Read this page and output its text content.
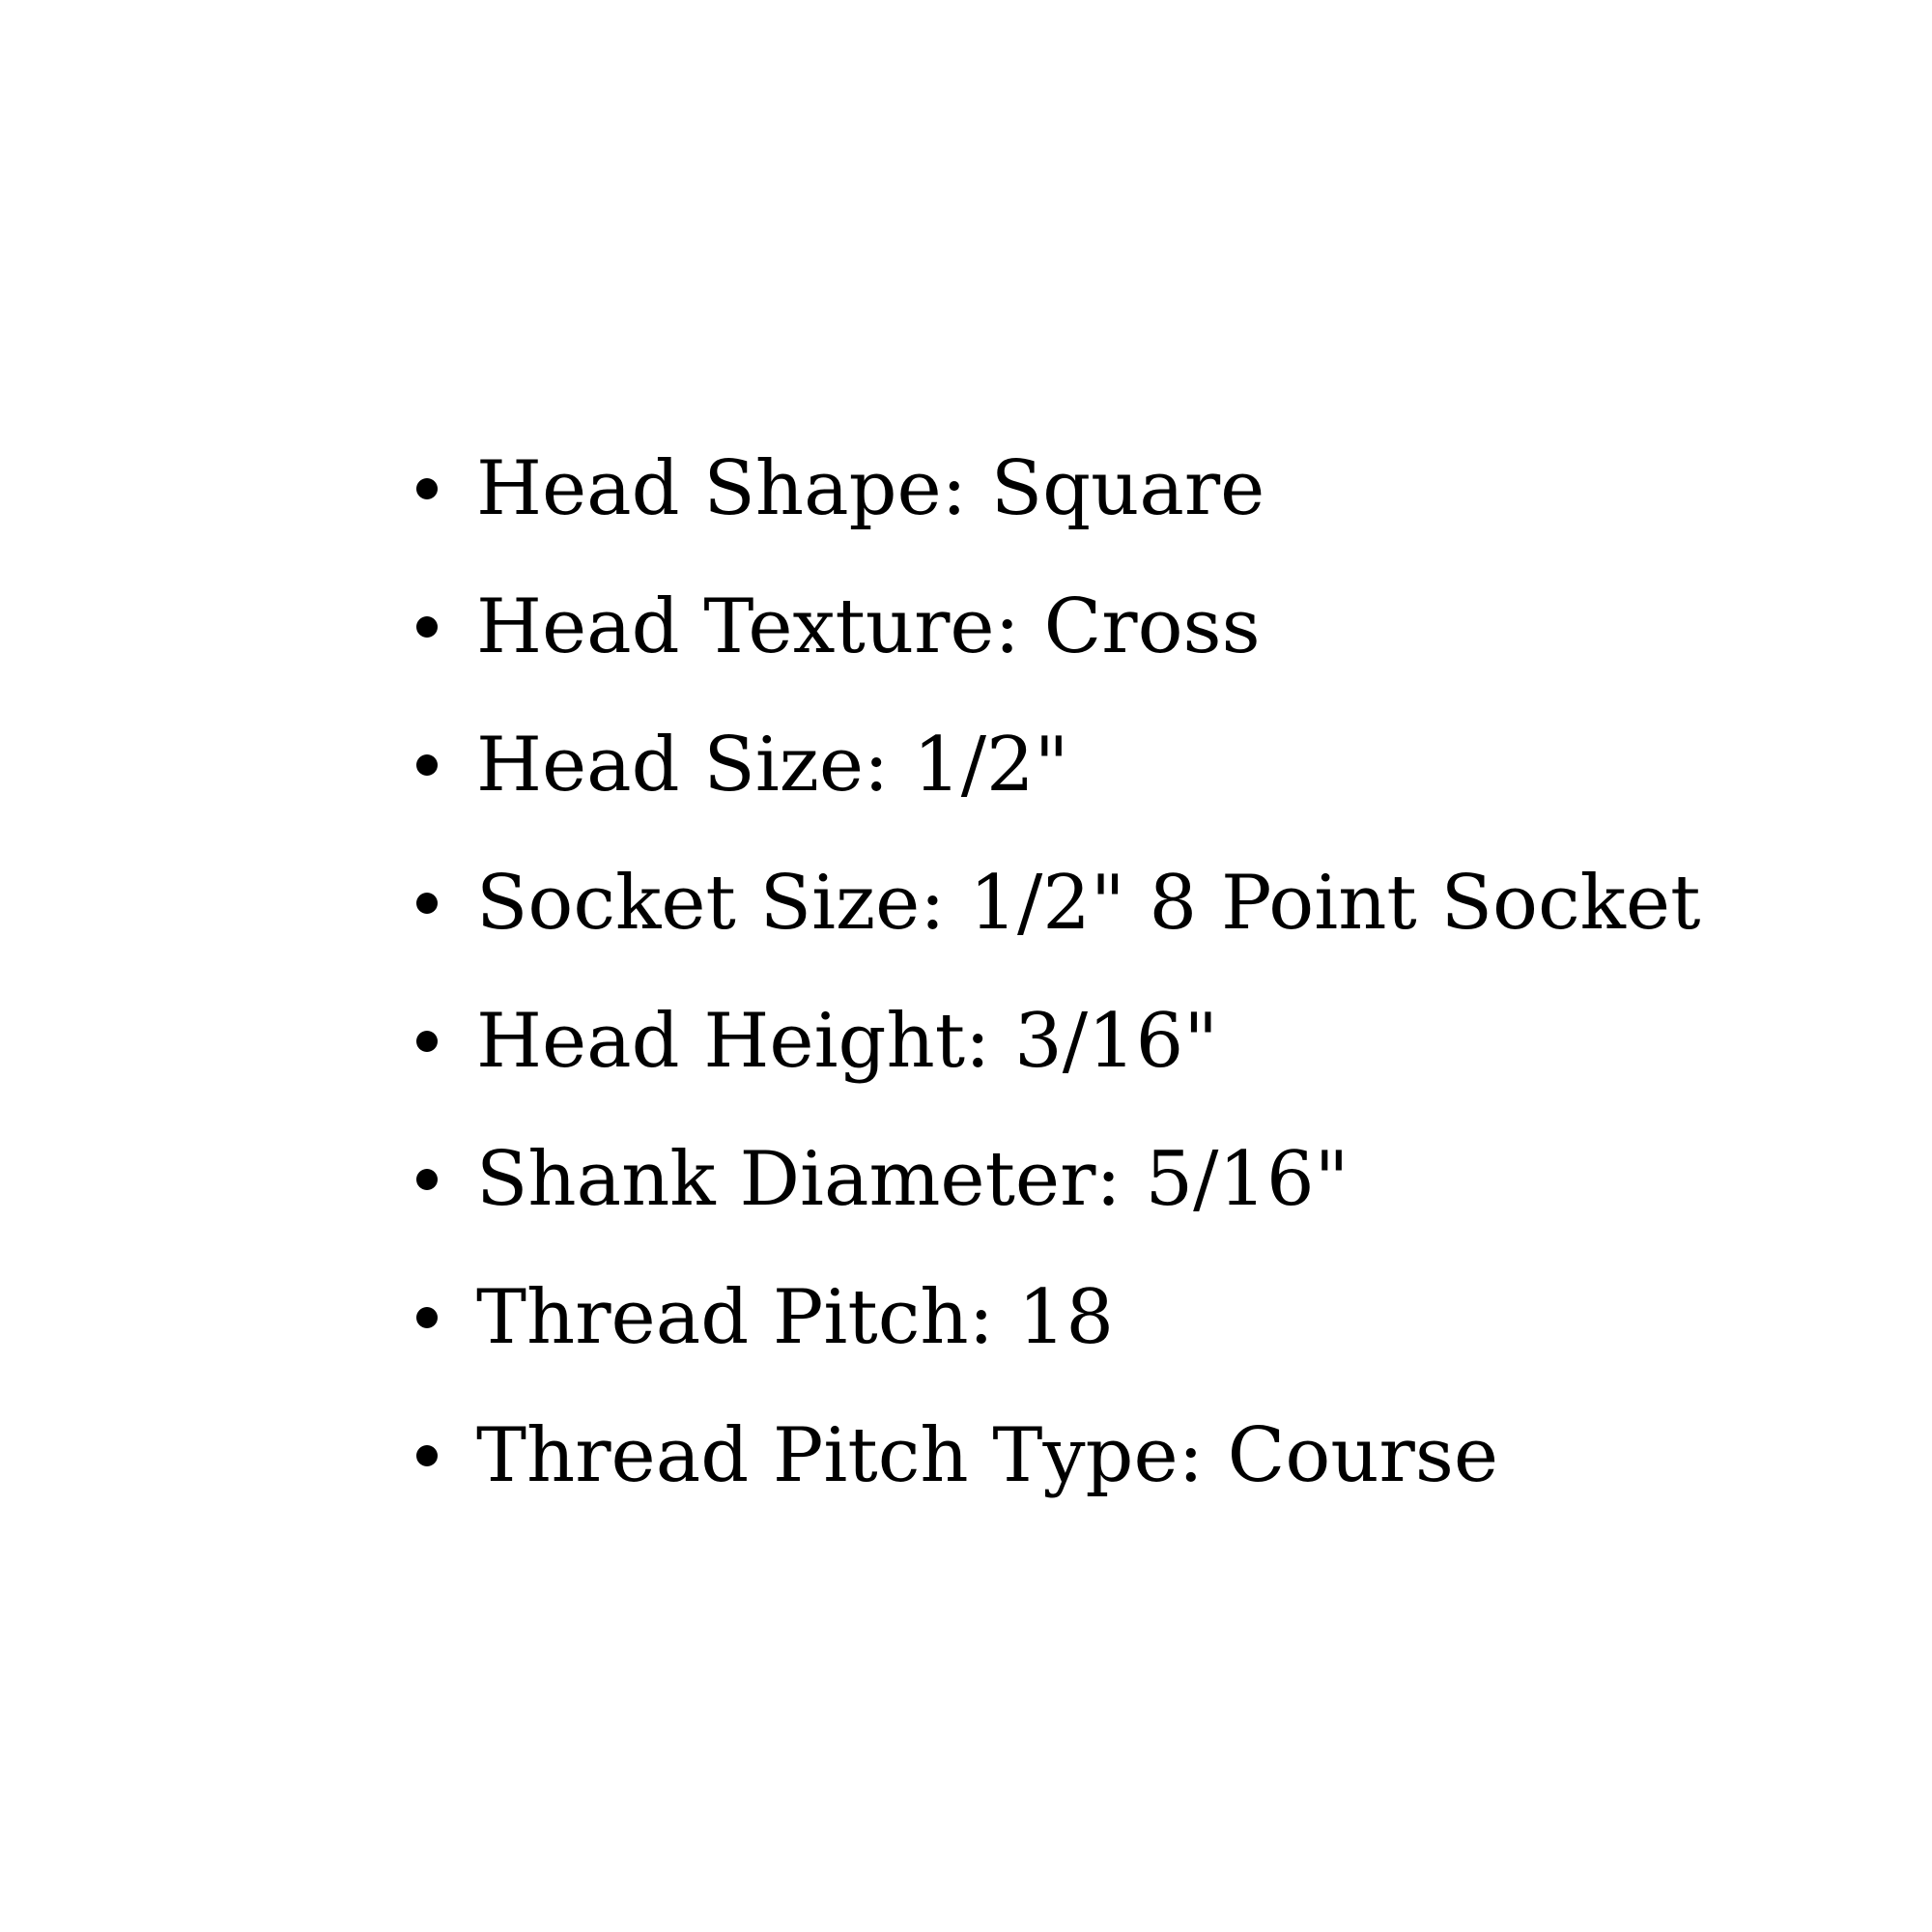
Head Shape: Square
Head Texture: Cross
Head Size: 1/2"
Socket Size: 1/2" 8 Point Socket
Head Height: 3/16"
Shank Diameter: 5/16"
Thread Pitch: 18
Thread Pitch Type: Course
